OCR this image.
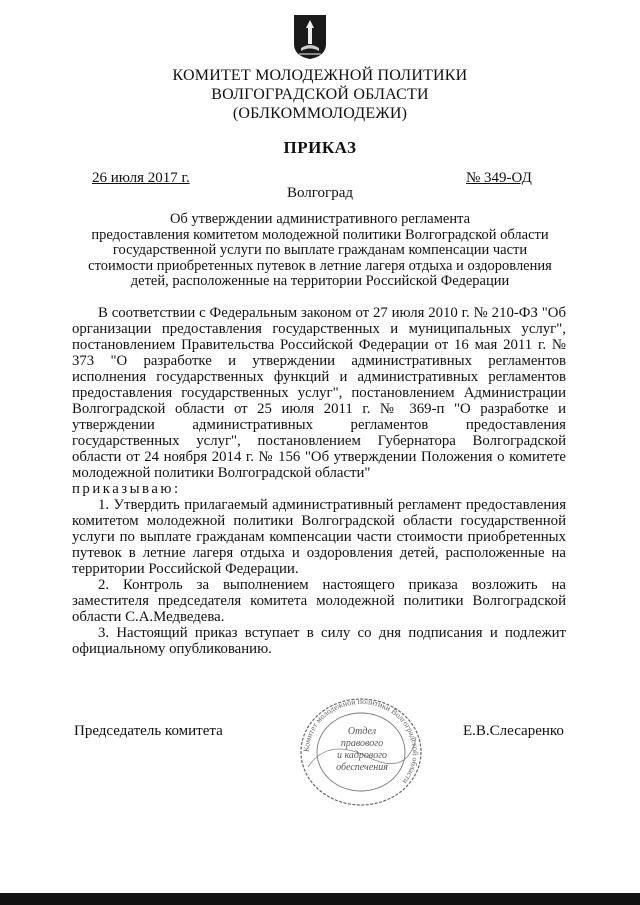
КОМИТЕТ МОЛОДЕЖНОЙ ПОЛИТИКИ
ВОЛГОГРАДСКОЙ ОБЛАСТИ
(ОБЛКОММОЛОДЕЖИ)
ПРИКАЗ
26 июля 2017 г.	№ 349-ОД
Волгоград
Об утверждении административного регламента
предоставления комитетом молодежной политики Волгоградской области
государственной услуги по выплате гражданам компенсации части
стоимости приобретенных путевок в летние лагеря отдыха и оздоровления
детей, расположенные на территории Российской Федерации

В соответствии с Федеральным законом от 27 июля 2010 г. № 210-ФЗ "Об организации предоставления государственных и муниципальных услуг", постановлением Правительства Российской Федерации от 16 мая 2011 г. № 373 "О разработке и утверждении административных регламентов исполнения государственных функций и административных регламентов предоставления государственных услуг", постановлением Администрации Волгоградской области от 25 июля 2011 г. № 369-п "О разработке и утверждении административных регламентов предоставления государственных услуг", постановлением Губернатора Волгоградской области от 24 ноября 2014 г. № 156 "Об утверждении Положения о комитете молодежной политики Волгоградской области"

приказываю:

1. Утвердить прилагаемый административный регламент предоставления комитетом молодежной политики Волгоградской области государственной услуги по выплате гражданам компенсации части стоимости приобретенных путевок в летние лагеря отдыха и оздоровления детей, расположенные на территории Российской Федерации.

2. Контроль за выполнением настоящего приказа возложить на заместителя председателя комитета молодежной политики Волгоградской области С.А.Медведева.

3. Настоящий приказ вступает в силу со дня подписания и подлежит официальному опубликованию.

Председатель комитета	Е.В.Слесаренко
Комитет молодежной политики Волгоградской области
Отдел
правового
и кадрового
обеспечения
